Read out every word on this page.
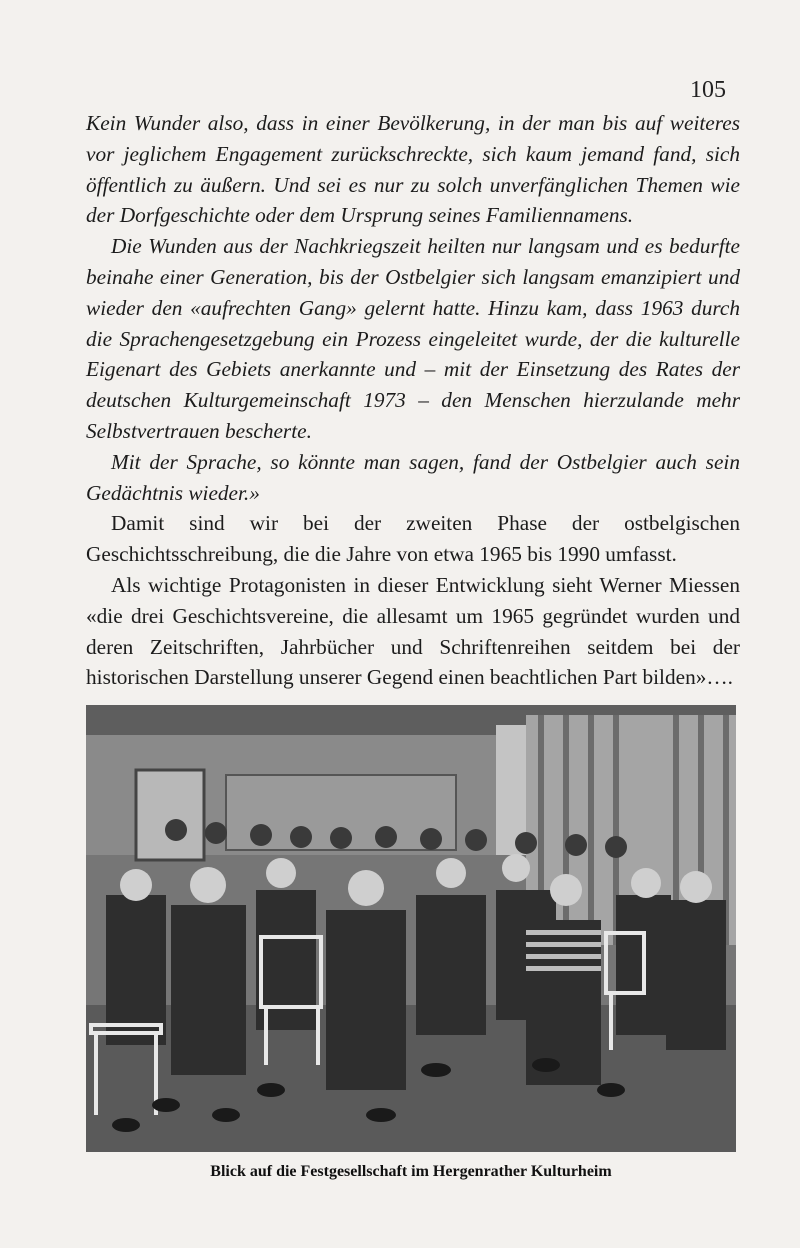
105

Kein Wunder also, dass in einer Bevölkerung, in der man bis auf weiteres vor jeglichem Engagement zurückschreckte, sich kaum jemand fand, sich öffentlich zu äußern. Und sei es nur zu solch unverfänglichen Themen wie der Dorfgeschichte oder dem Ursprung seines Familiennamens.

Die Wunden aus der Nachkriegszeit heilten nur langsam und es bedurfte beinahe einer Generation, bis der Ostbelgier sich langsam emanzipiert und wieder den «aufrechten Gang» gelernt hatte. Hinzu kam, dass 1963 durch die Sprachengesetzgebung ein Prozess eingeleitet wurde, der die kulturelle Eigenart des Gebiets anerkannte und – mit der Einsetzung des Rates der deutschen Kulturgemeinschaft 1973 – den Menschen hierzulande mehr Selbstvertrauen bescherte.

Mit der Sprache, so könnte man sagen, fand der Ostbelgier auch sein Gedächtnis wieder.»

Damit sind wir bei der zweiten Phase der ostbelgischen Geschichtsschreibung, die die Jahre von etwa 1965 bis 1990 umfasst.

Als wichtige Protagonisten in dieser Entwicklung sieht Werner Miessen «die drei Geschichtsvereine, die allesamt um 1965 gegründet wurden und deren Zeitschriften, Jahrbücher und Schriftenreihen seitdem bei der historischen Darstellung unserer Gegend einen beachtlichen Part bilden»….

Blick auf die Festgesellschaft im Hergenrather Kulturheim
